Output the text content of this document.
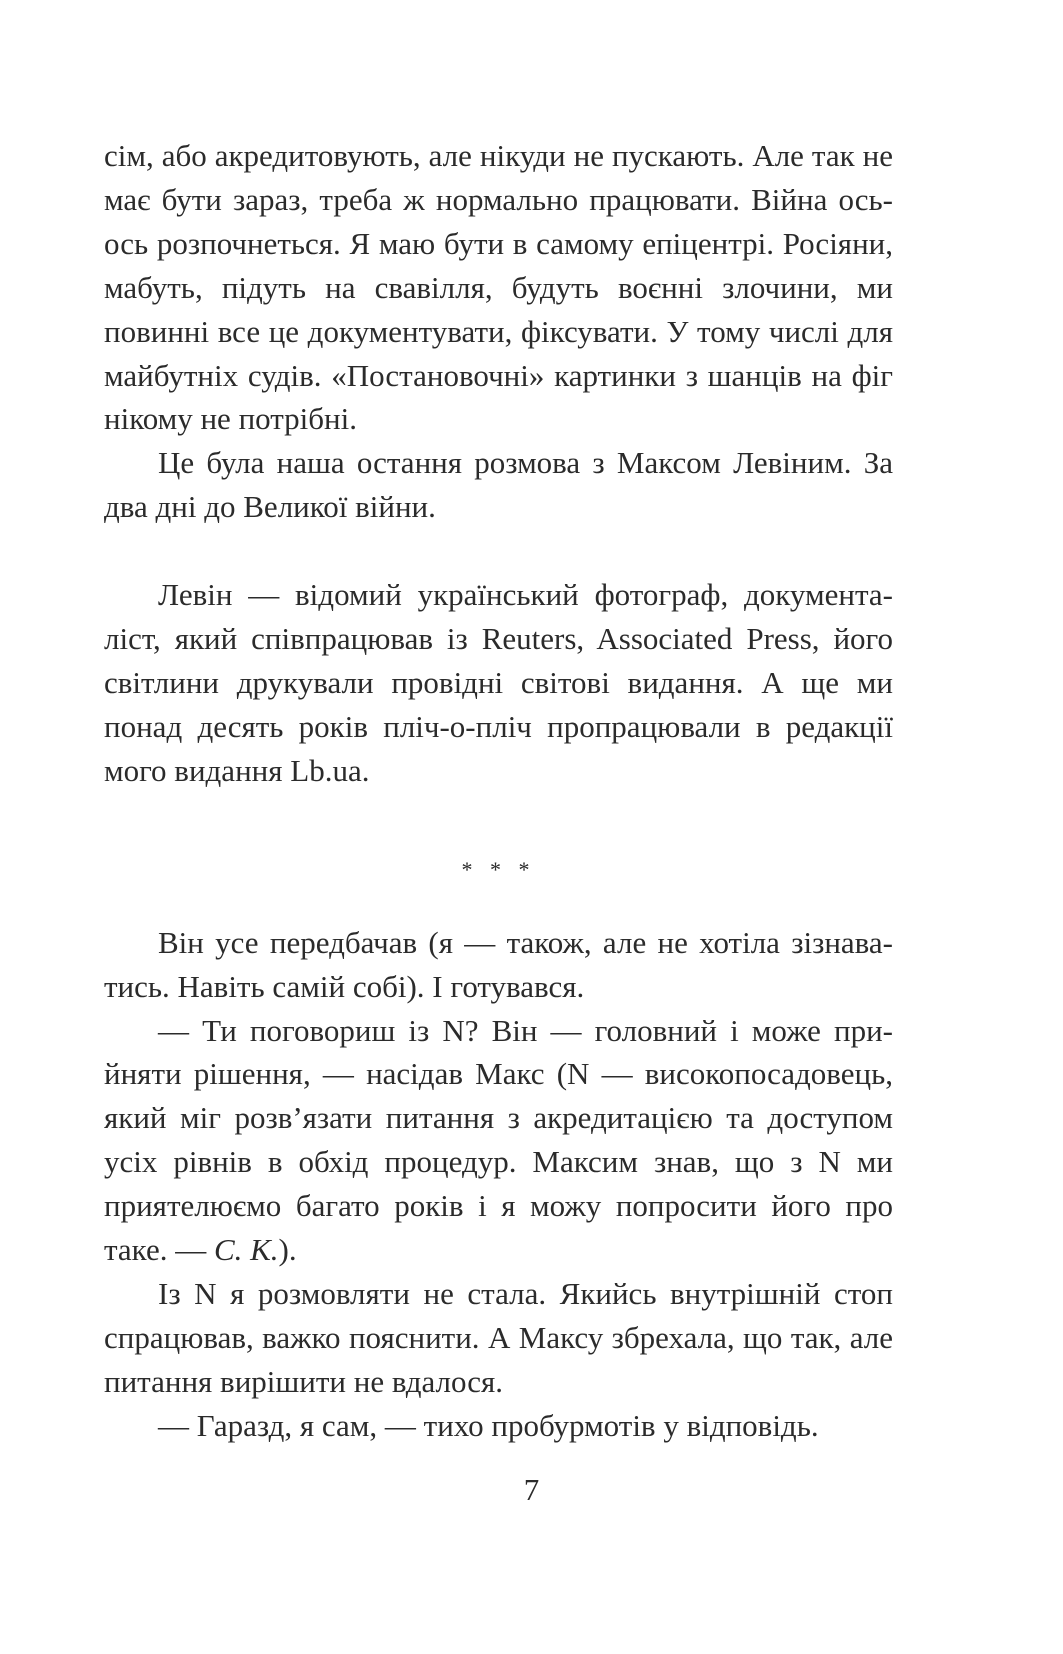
сім, або акредитовують, але нікуди не пускають. Але так не має бути зараз, треба ж нормально працювати. Війна ось-ось розпочнеться. Я маю бути в самому епіцентрі. Росіяни, мабуть, підуть на свавілля, будуть воєнні злочини, ми повинні все це документувати, фіксувати. У тому числі для майбутніх судів. «Постановочні» картинки з шанців на фіг нікому не потрібні.

Це була наша остання розмова з Максом Левіним. За два дні до Великої війни.

Левін — відомий український фотограф, документаліст, який співпрацював із Reuters, Associated Press, його світлини друкували провідні світові видання. А ще ми понад десять років пліч-о-пліч пропрацювали в редакції мого видання Lb.ua.

* * *

Він усе передбачав (я — також, але не хотіла зізнаватись. Навіть самій собі). І готувався.

— Ти поговориш із N? Він — головний і може прийняти рішення, — насідав Макс (N — високопосадовець, який міг розв’язати питання з акредитацією та доступом усіх рівнів в обхід процедур. Максим знав, що з N ми приятелюємо багато років і я можу попросити його про таке. — С. К.).

Із N я розмовляти не стала. Якийсь внутрішній стоп спрацював, важко пояснити. А Максу збрехала, що так, але питання вирішити не вдалося.

— Гаразд, я сам, — тихо пробурмотів у відповідь.

7
